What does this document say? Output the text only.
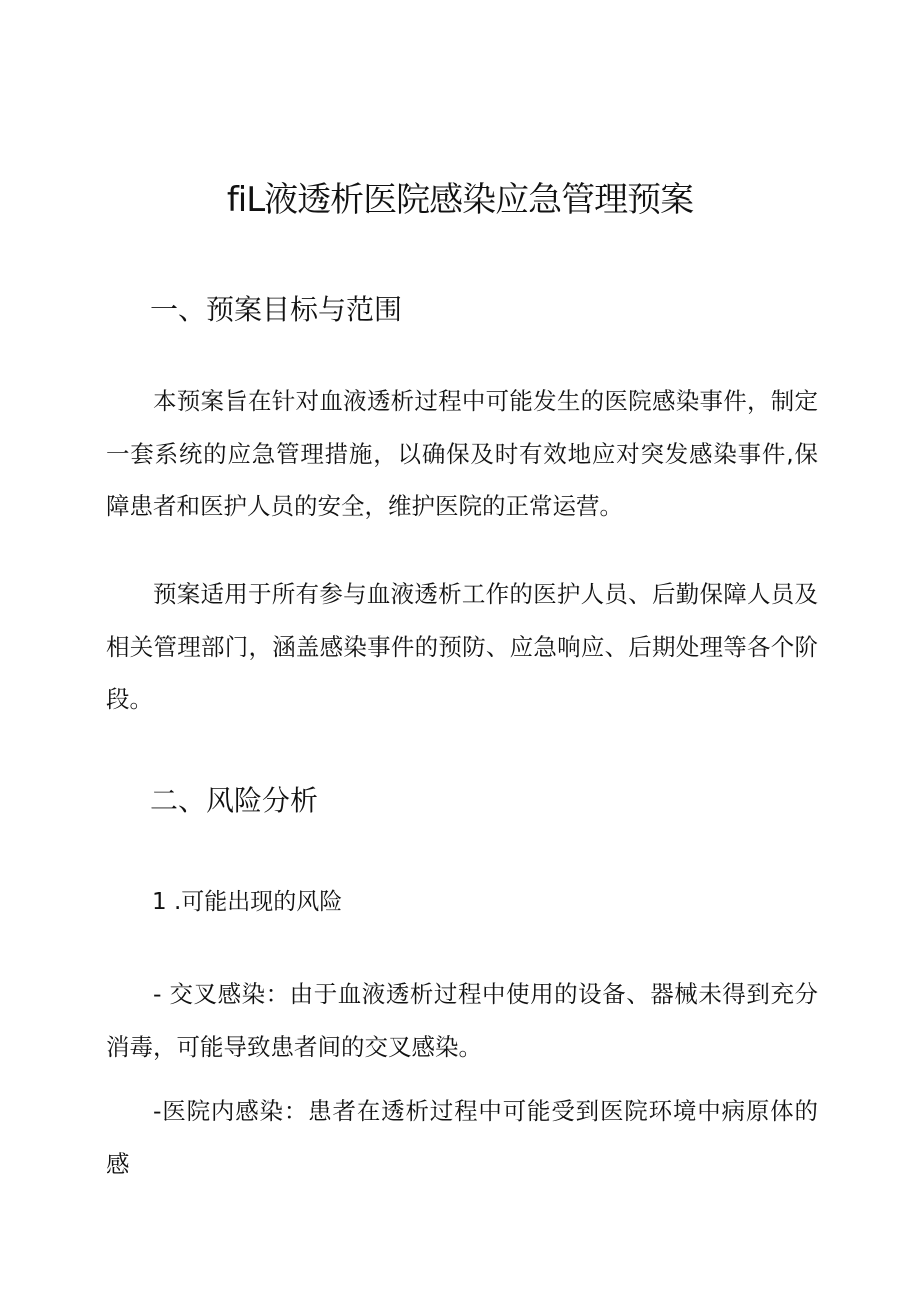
fiL液透析医院感染应急管理预案
一、预案目标与范围

本预案旨在针对血液透析过程中可能发生的医院感染事件，制定一套系统的应急管理措施，以确保及时有效地应对突发感染事件,保障患者和医护人员的安全，维护医院的正常运营。

预案适用于所有参与血液透析工作的医护人员、后勤保障人员及相关管理部门，涵盖感染事件的预防、应急响应、后期处理等各个阶段。

二、风险分析
1 .可能出现的风险

- 交叉感染：由于血液透析过程中使用的设备、器械未得到充分消毒，可能导致患者间的交叉感染。

-医院内感染：患者在透析过程中可能受到医院环境中病原体的感
